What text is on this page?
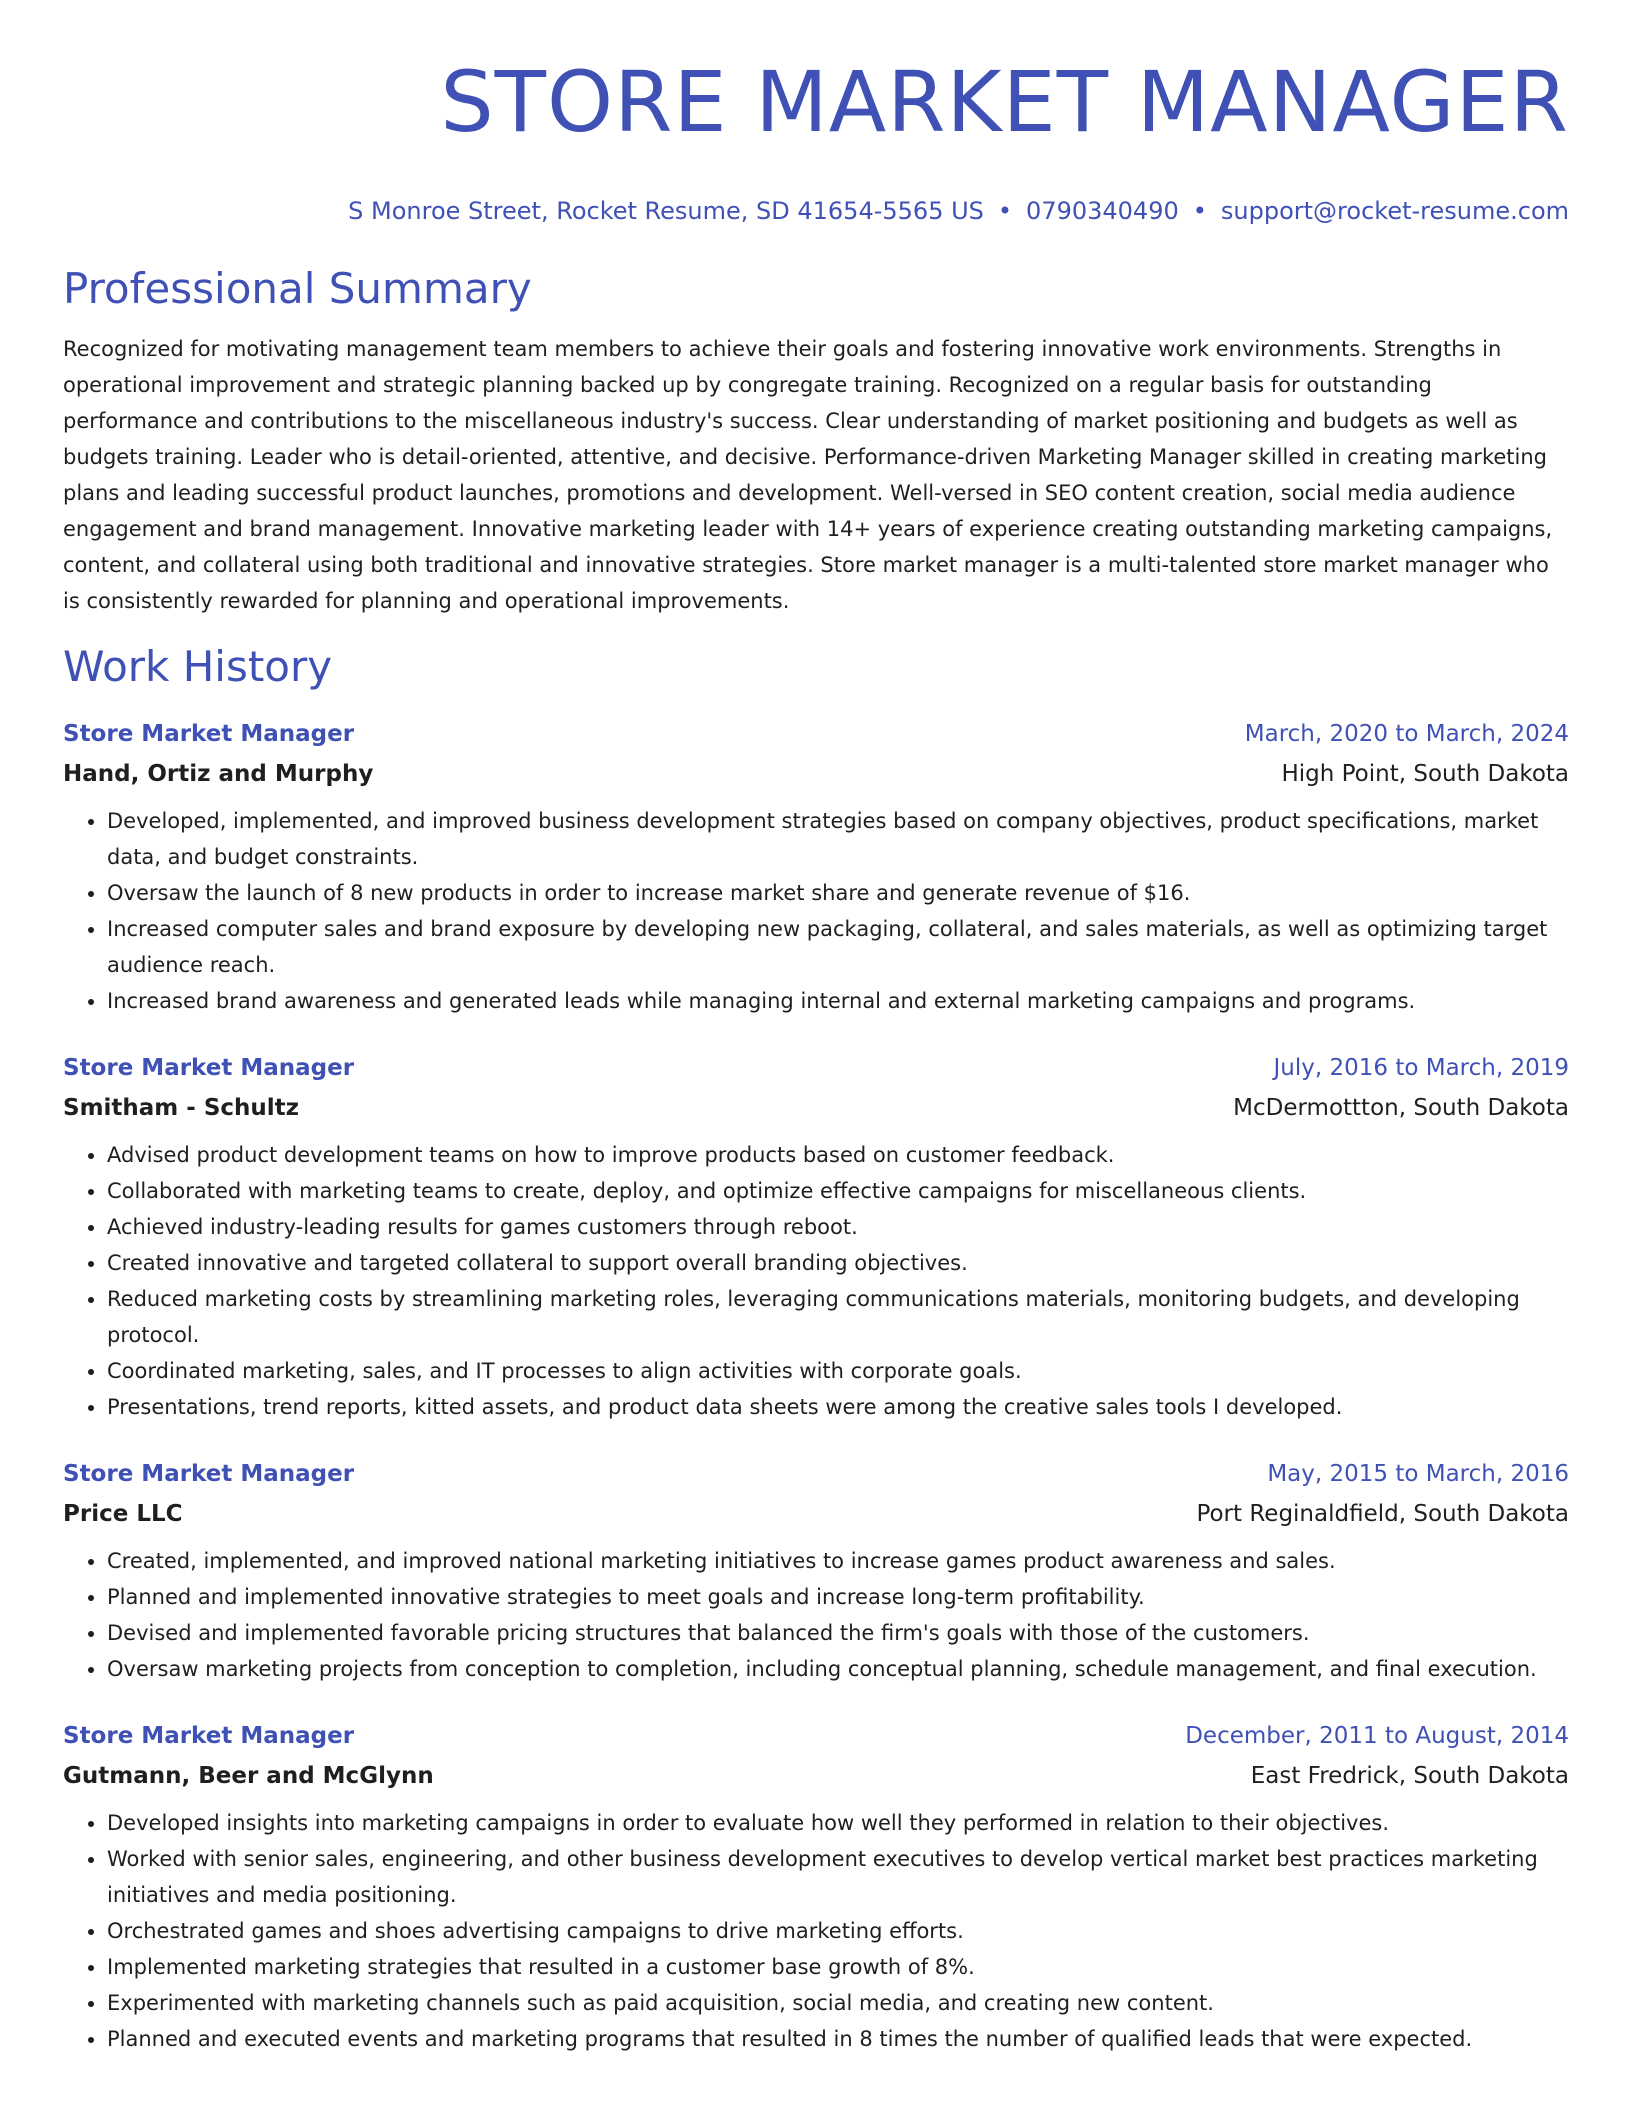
STORE MARKET MANAGER
S Monroe Street, Rocket Resume, SD 41654-5565 US • 0790340490 • support@rocket-resume.com
Professional Summary
Recognized for motivating management team members to achieve their goals and fostering innovative work environments. Strengths in operational improvement and strategic planning backed up by congregate training. Recognized on a regular basis for outstanding performance and contributions to the miscellaneous industry's success. Clear understanding of market positioning and budgets as well as budgets training. Leader who is detail-oriented, attentive, and decisive. Performance-driven Marketing Manager skilled in creating marketing plans and leading successful product launches, promotions and development. Well-versed in SEO content creation, social media audience engagement and brand management. Innovative marketing leader with 14+ years of experience creating outstanding marketing campaigns, content, and collateral using both traditional and innovative strategies. Store market manager is a multi-talented store market manager who is consistently rewarded for planning and operational improvements.
Work History
Store Market Manager	March, 2020 to March, 2024
Hand, Ortiz and Murphy	High Point, South Dakota
• Developed, implemented, and improved business development strategies based on company objectives, product specifications, market data, and budget constraints.
• Oversaw the launch of 8 new products in order to increase market share and generate revenue of $16.
• Increased computer sales and brand exposure by developing new packaging, collateral, and sales materials, as well as optimizing target audience reach.
• Increased brand awareness and generated leads while managing internal and external marketing campaigns and programs.
Store Market Manager	July, 2016 to March, 2019
Smitham - Schultz	McDermottton, South Dakota
• Advised product development teams on how to improve products based on customer feedback.
• Collaborated with marketing teams to create, deploy, and optimize effective campaigns for miscellaneous clients.
• Achieved industry-leading results for games customers through reboot.
• Created innovative and targeted collateral to support overall branding objectives.
• Reduced marketing costs by streamlining marketing roles, leveraging communications materials, monitoring budgets, and developing protocol.
• Coordinated marketing, sales, and IT processes to align activities with corporate goals.
• Presentations, trend reports, kitted assets, and product data sheets were among the creative sales tools I developed.
Store Market Manager	May, 2015 to March, 2016
Price LLC	Port Reginaldfield, South Dakota
• Created, implemented, and improved national marketing initiatives to increase games product awareness and sales.
• Planned and implemented innovative strategies to meet goals and increase long-term profitability.
• Devised and implemented favorable pricing structures that balanced the firm's goals with those of the customers.
• Oversaw marketing projects from conception to completion, including conceptual planning, schedule management, and final execution.
Store Market Manager	December, 2011 to August, 2014
Gutmann, Beer and McGlynn	East Fredrick, South Dakota
• Developed insights into marketing campaigns in order to evaluate how well they performed in relation to their objectives.
• Worked with senior sales, engineering, and other business development executives to develop vertical market best practices marketing initiatives and media positioning.
• Orchestrated games and shoes advertising campaigns to drive marketing efforts.
• Implemented marketing strategies that resulted in a customer base growth of 8%.
• Experimented with marketing channels such as paid acquisition, social media, and creating new content.
• Planned and executed events and marketing programs that resulted in 8 times the number of qualified leads that were expected.
